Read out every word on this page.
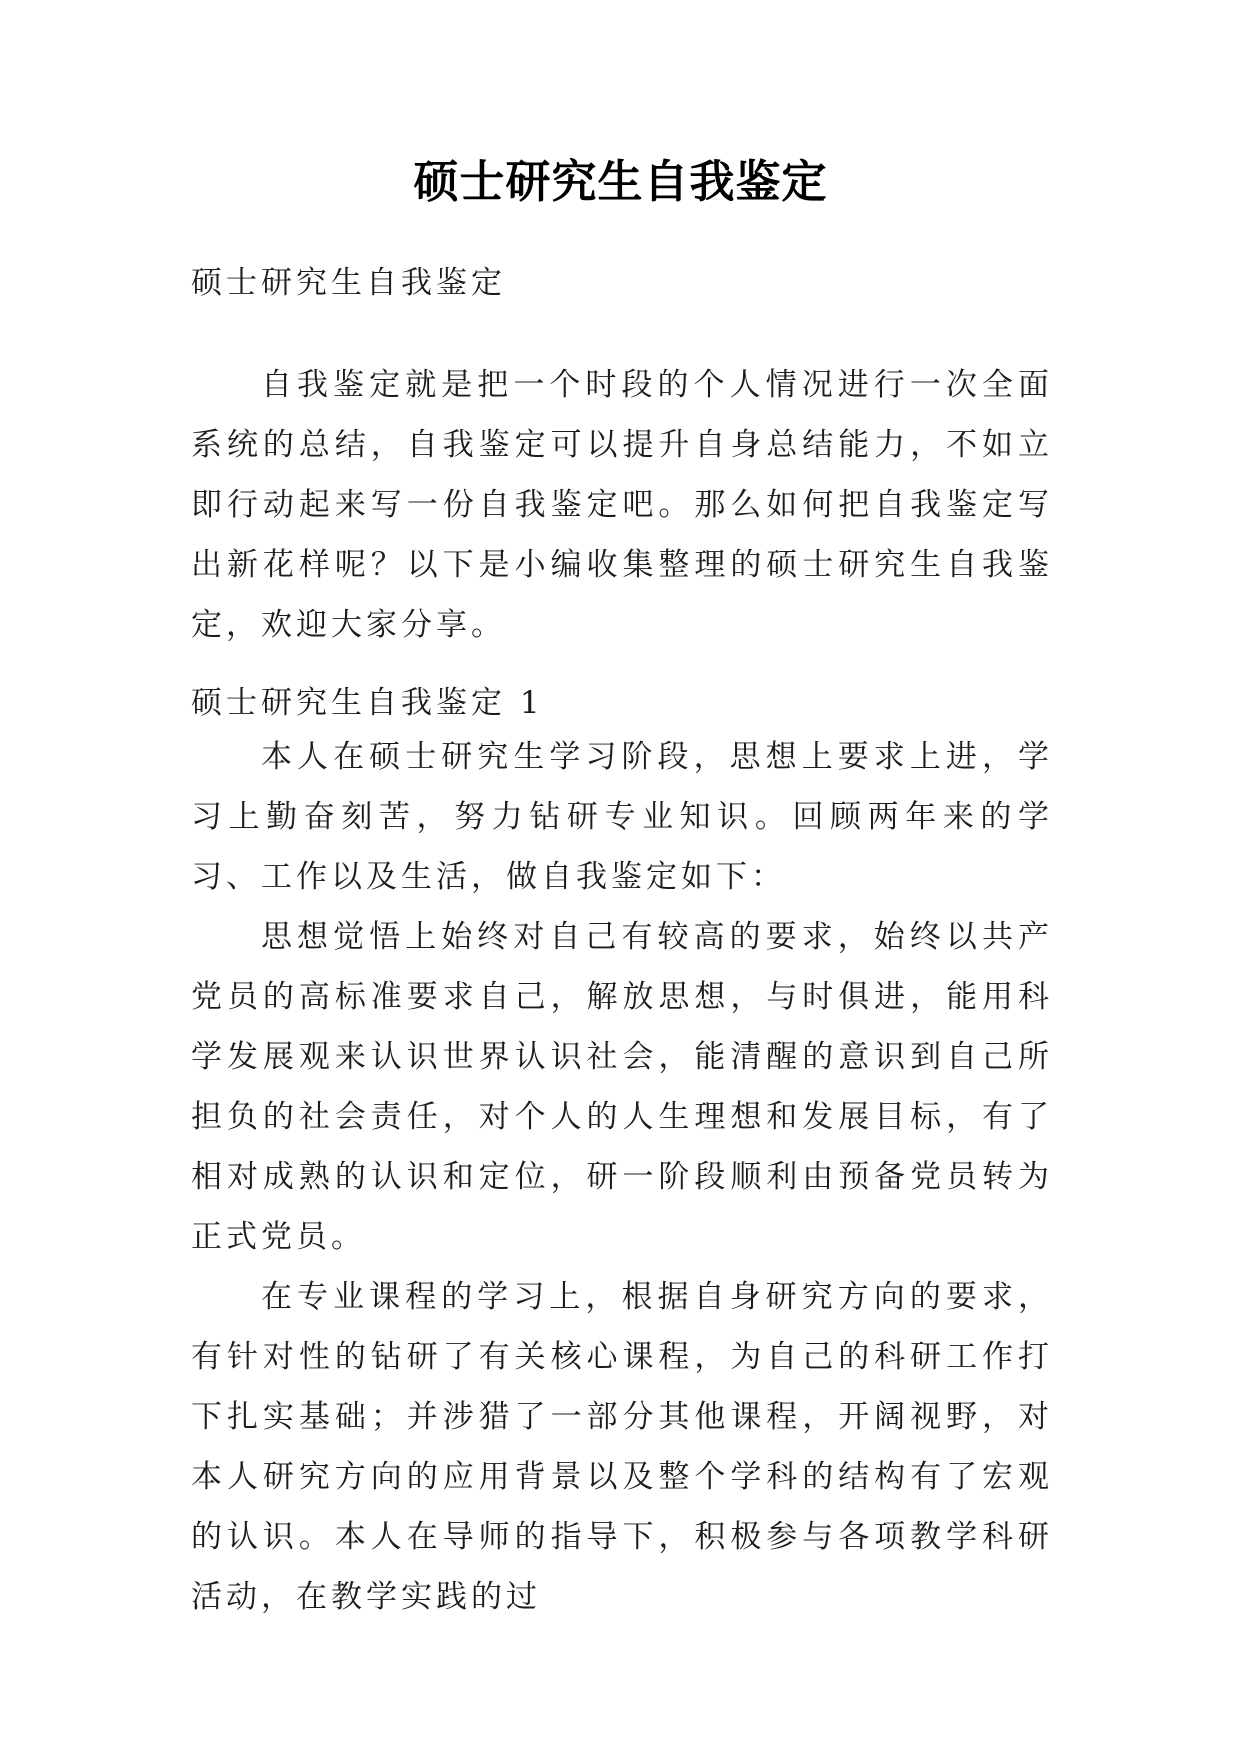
硕士研究生自我鉴定
硕士研究生自我鉴定

自我鉴定就是把一个时段的个人情况进行一次全面系统的总结，自我鉴定可以提升自身总结能力，不如立即行动起来写一份自我鉴定吧。那么如何把自我鉴定写出新花样呢？以下是小编收集整理的硕士研究生自我鉴定，欢迎大家分享。

硕士研究生自我鉴定 1

本人在硕士研究生学习阶段，思想上要求上进，学习上勤奋刻苦，努力钻研专业知识。回顾两年来的学习、工作以及生活，做自我鉴定如下：

思想觉悟上始终对自己有较高的要求，始终以共产党员的高标准要求自己，解放思想，与时俱进，能用科学发展观来认识世界认识社会，能清醒的意识到自己所担负的社会责任，对个人的人生理想和发展目标，有了相对成熟的认识和定位，研一阶段顺利由预备党员转为正式党员。

在专业课程的学习上，根据自身研究方向的要求，有针对性的钻研了有关核心课程，为自己的科研工作打下扎实基础；并涉猎了一部分其他课程，开阔视野，对本人研究方向的应用背景以及整个学科的结构有了宏观的认识。本人在导师的指导下，积极参与各项教学科研活动，在教学实践的过
